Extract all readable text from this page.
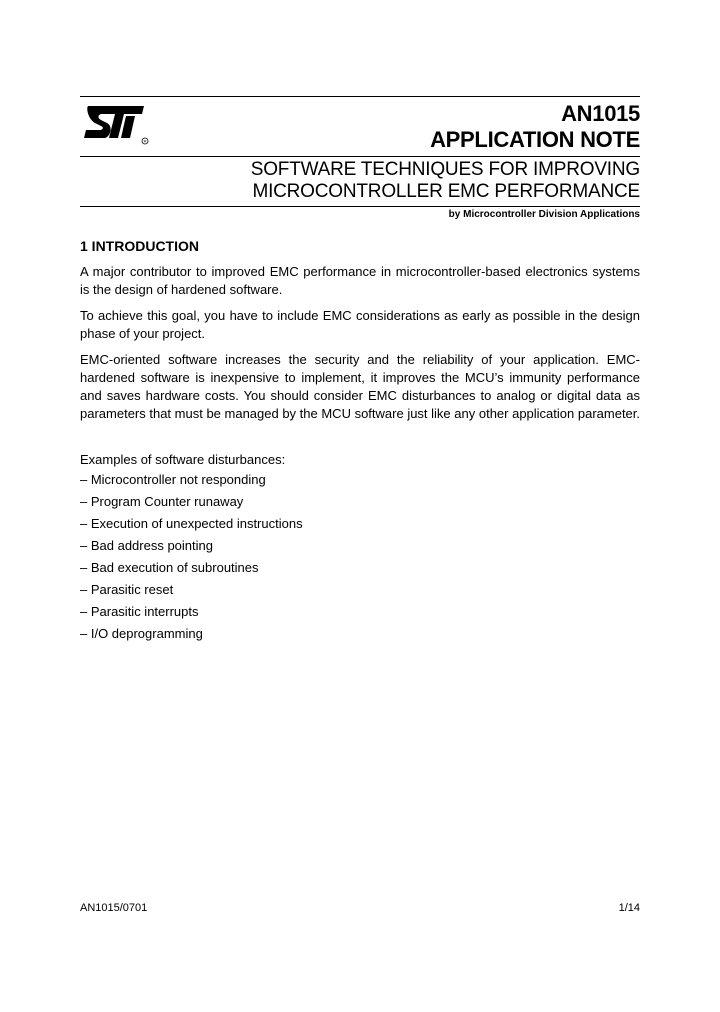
R
AN1015
APPLICATION NOTE
SOFTWARE TECHNIQUES FOR IMPROVING
MICROCONTROLLER EMC PERFORMANCE
by Microcontroller Division Applications
1 INTRODUCTION
A major contributor to improved EMC performance in microcontroller-based electronics systems is the design of hardened software.
To achieve this goal, you have to include EMC considerations as early as possible in the design phase of your project.
EMC-oriented software increases the security and the reliability of your application. EMC-hardened software is inexpensive to implement, it improves the MCU’s immunity performance and saves hardware costs. You should consider EMC disturbances to analog or digital data as parameters that must be managed by the MCU software just like any other application parameter.
Examples of software disturbances:
– Microcontroller not responding
– Program Counter runaway
– Execution of unexpected instructions
– Bad address pointing
– Bad execution of subroutines
– Parasitic reset
– Parasitic interrupts
– I/O deprogramming
AN1015/0701	1/14
